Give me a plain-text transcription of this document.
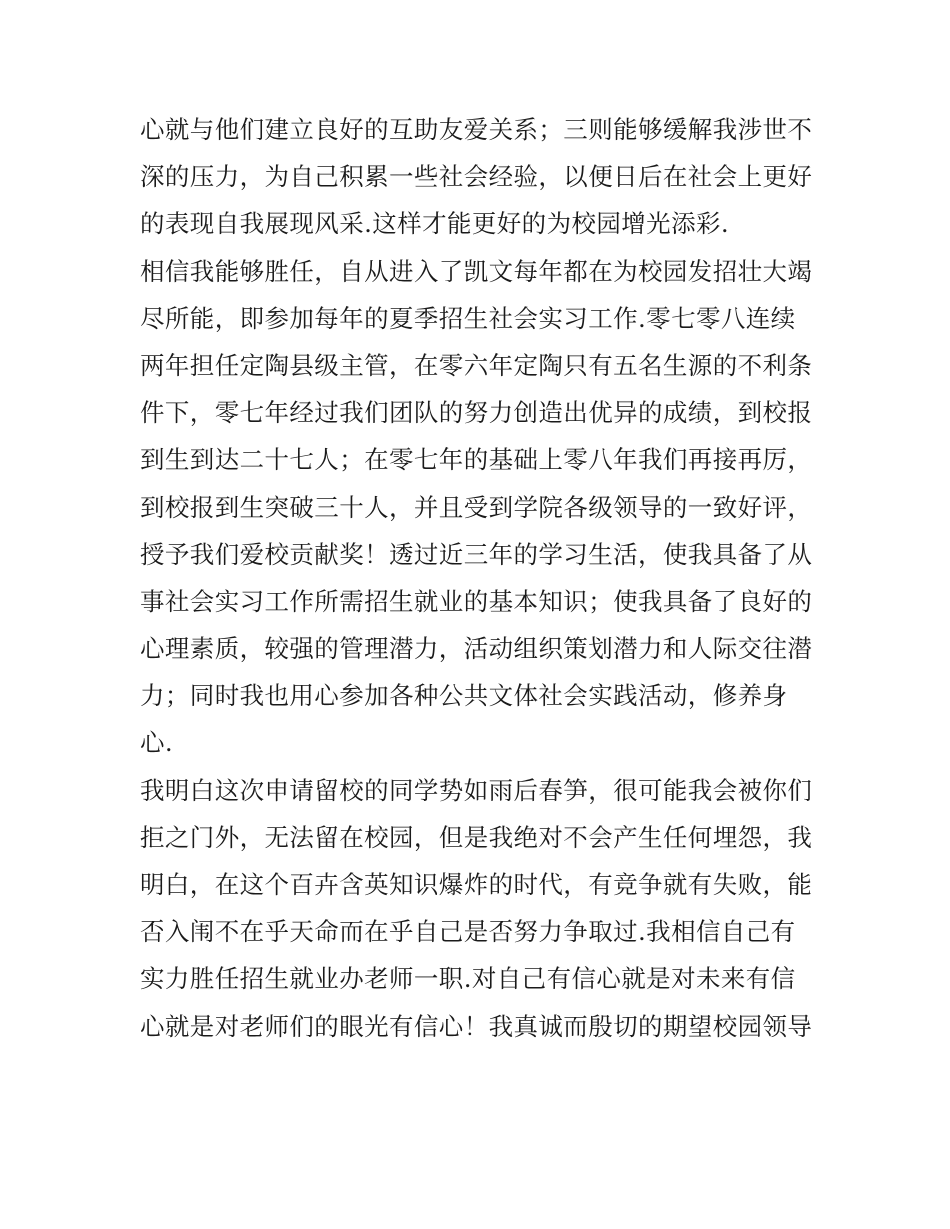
心就与他们建立良好的互助友爱关系；三则能够缓解我涉世不
深的压力，为自己积累一些社会经验，以便日后在社会上更好
的表现自我展现风采.这样才能更好的为校园增光添彩.
相信我能够胜任，自从进入了凯文每年都在为校园发招壮大竭
尽所能，即参加每年的夏季招生社会实习工作.零七零八连续
两年担任定陶县级主管，在零六年定陶只有五名生源的不利条
件下，零七年经过我们团队的努力创造出优异的成绩，到校报
到生到达二十七人；在零七年的基础上零八年我们再接再厉，
到校报到生突破三十人，并且受到学院各级领导的一致好评，
授予我们爱校贡献奖！透过近三年的学习生活，使我具备了从
事社会实习工作所需招生就业的基本知识；使我具备了良好的
心理素质，较强的管理潜力，活动组织策划潜力和人际交往潜
力；同时我也用心参加各种公共文体社会实践活动，修养身
心.
我明白这次申请留校的同学势如雨后春笋，很可能我会被你们
拒之门外，无法留在校园，但是我绝对不会产生任何埋怨，我
明白，在这个百卉含英知识爆炸的时代，有竞争就有失败，能
否入闱不在乎天命而在乎自己是否努力争取过.我相信自己有
实力胜任招生就业办老师一职.对自己有信心就是对未来有信
心就是对老师们的眼光有信心！我真诚而殷切的期望校园领导
